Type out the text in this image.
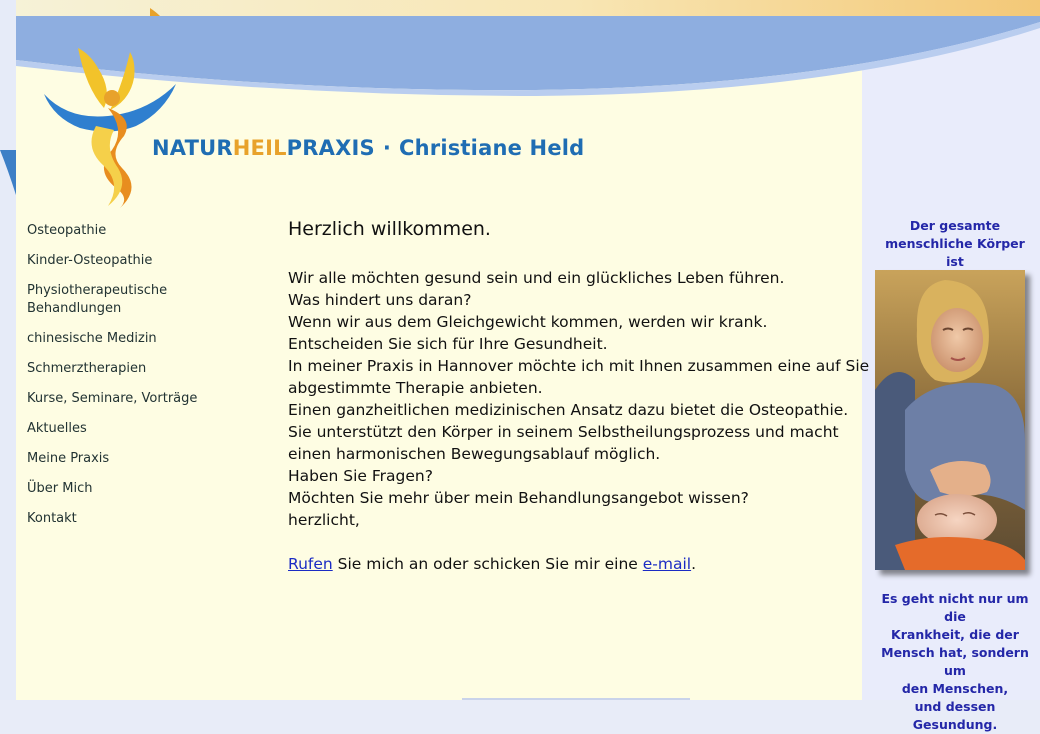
NATURHEILPRAXIS · Christiane Held
Osteopathie
Kinder-Osteopathie
Physiotherapeutische
Behandlungen
chinesische Medizin
Schmerztherapien
Kurse, Seminare, Vorträge
Aktuelles
Meine Praxis
Über Mich
Kontakt
Herzlich willkommen.
Wir alle möchten gesund sein und ein glückliches Leben führen.
Was hindert uns daran?
Wenn wir aus dem Gleichgewicht kommen, werden wir krank.
Entscheiden Sie sich für Ihre Gesundheit.
In meiner Praxis in Hannover möchte ich mit Ihnen zusammen eine auf Sie
abgestimmte Therapie anbieten.
Einen ganzheitlichen medizinischen Ansatz dazu bietet die Osteopathie.
Sie unterstützt den Körper in seinem Selbstheilungsprozess und macht
einen harmonischen Bewegungsablauf möglich.
Haben Sie Fragen?
Möchten Sie mehr über mein Behandlungsangebot wissen?
herzlicht,
Rufen Sie mich an oder schicken Sie mir eine e-mail.
Der gesamte
menschliche Körper ist
Es geht nicht nur um die
Krankheit, die der
Mensch hat, sondern um
den Menschen,
und dessen Gesundung.
